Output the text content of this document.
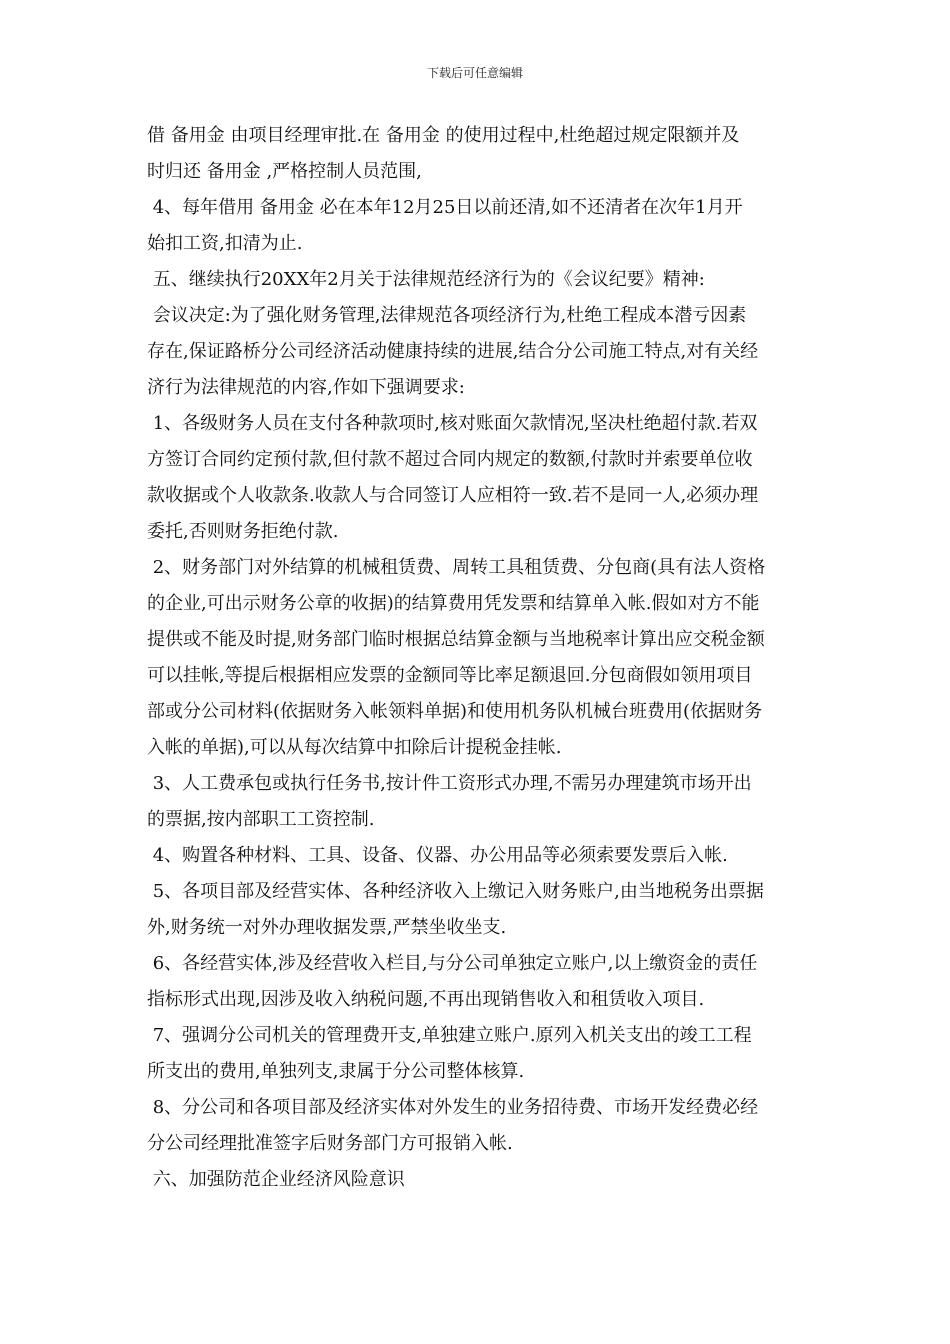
下载后可任意编辑
借 备用金 由项目经理审批.在 备用金 的使用过程中,杜绝超过规定限额并及
时归还 备用金 ,严格控制人员范围,
4、每年借用 备用金 必在本年12月25日以前还清,如不还清者在次年1月开
始扣工资,扣清为止.
五、继续执行20XX年2月关于法律规范经济行为的《会议纪要》精神:
会议决定:为了强化财务管理,法律规范各项经济行为,杜绝工程成本潜亏因素
存在,保证路桥分公司经济活动健康持续的进展,结合分公司施工特点,对有关经
济行为法律规范的内容,作如下强调要求:
1、各级财务人员在支付各种款项时,核对账面欠款情况,坚决杜绝超付款.若双
方签订合同约定预付款,但付款不超过合同内规定的数额,付款时并索要单位收
款收据或个人收款条.收款人与合同签订人应相符一致.若不是同一人,必须办理
委托,否则财务拒绝付款.
2、财务部门对外结算的机械租赁费、周转工具租赁费、分包商(具有法人资格
的企业,可出示财务公章的收据)的结算费用凭发票和结算单入帐.假如对方不能
提供或不能及时提,财务部门临时根据总结算金额与当地税率计算出应交税金额
可以挂帐,等提后根据相应发票的金额同等比率足额退回.分包商假如领用项目
部或分公司材料(依据财务入帐领料单据)和使用机务队机械台班费用(依据财务
入帐的单据),可以从每次结算中扣除后计提税金挂帐.
3、人工费承包或执行任务书,按计件工资形式办理,不需另办理建筑市场开出
的票据,按内部职工工资控制.
4、购置各种材料、工具、设备、仪器、办公用品等必须索要发票后入帐.
5、各项目部及经营实体、各种经济收入上缴记入财务账户,由当地税务出票据
外,财务统一对外办理收据发票,严禁坐收坐支.
6、各经营实体,涉及经营收入栏目,与分公司单独定立账户,以上缴资金的责任
指标形式出现,因涉及收入纳税问题,不再出现销售收入和租赁收入项目.
7、强调分公司机关的管理费开支,单独建立账户.原列入机关支出的竣工工程
所支出的费用,单独列支,隶属于分公司整体核算.
8、分公司和各项目部及经济实体对外发生的业务招待费、市场开发经费必经
分公司经理批准签字后财务部门方可报销入帐.
六、加强防范企业经济风险意识
